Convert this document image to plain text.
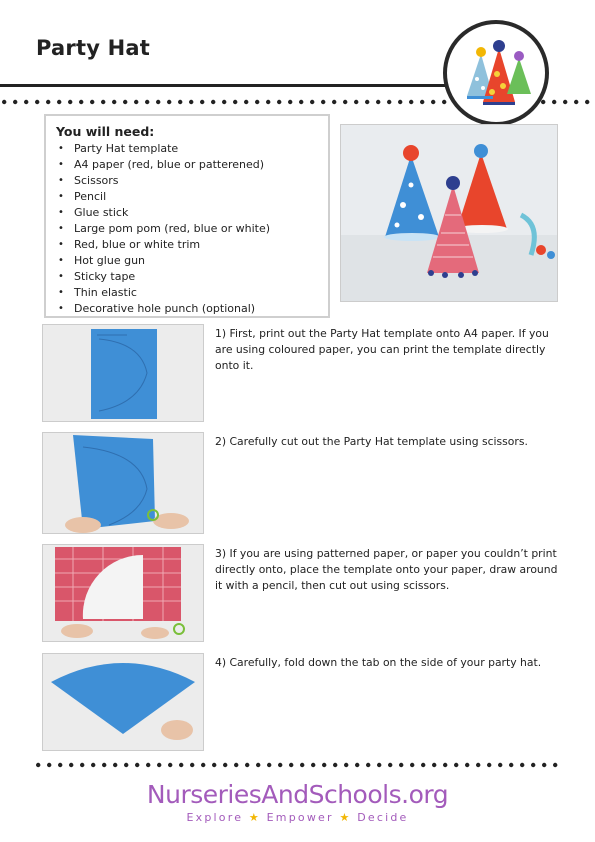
Party Hat
You will need:
• Party Hat template
• A4 paper (red, blue or patterened)
• Scissors
• Pencil
• Glue stick
• Large pom pom (red, blue or white)
• Red, blue or white trim
• Hot glue gun
• Sticky tape
• Thin elastic
• Decorative hole punch (optional)
1) First, print out the Party Hat template onto A4 paper. If you are using coloured paper, you can print the template directly onto it.
2) Carefully cut out the Party Hat template using scissors.
3) If you are using patterned paper, or paper you couldn’t print directly onto, place the template onto your paper, draw around it with a pencil, then cut out using scissors.
4) Carefully, fold down the tab on the side of your party hat.
NurseriesAndSchools.org
Explore ★ Empower ★ Decide
